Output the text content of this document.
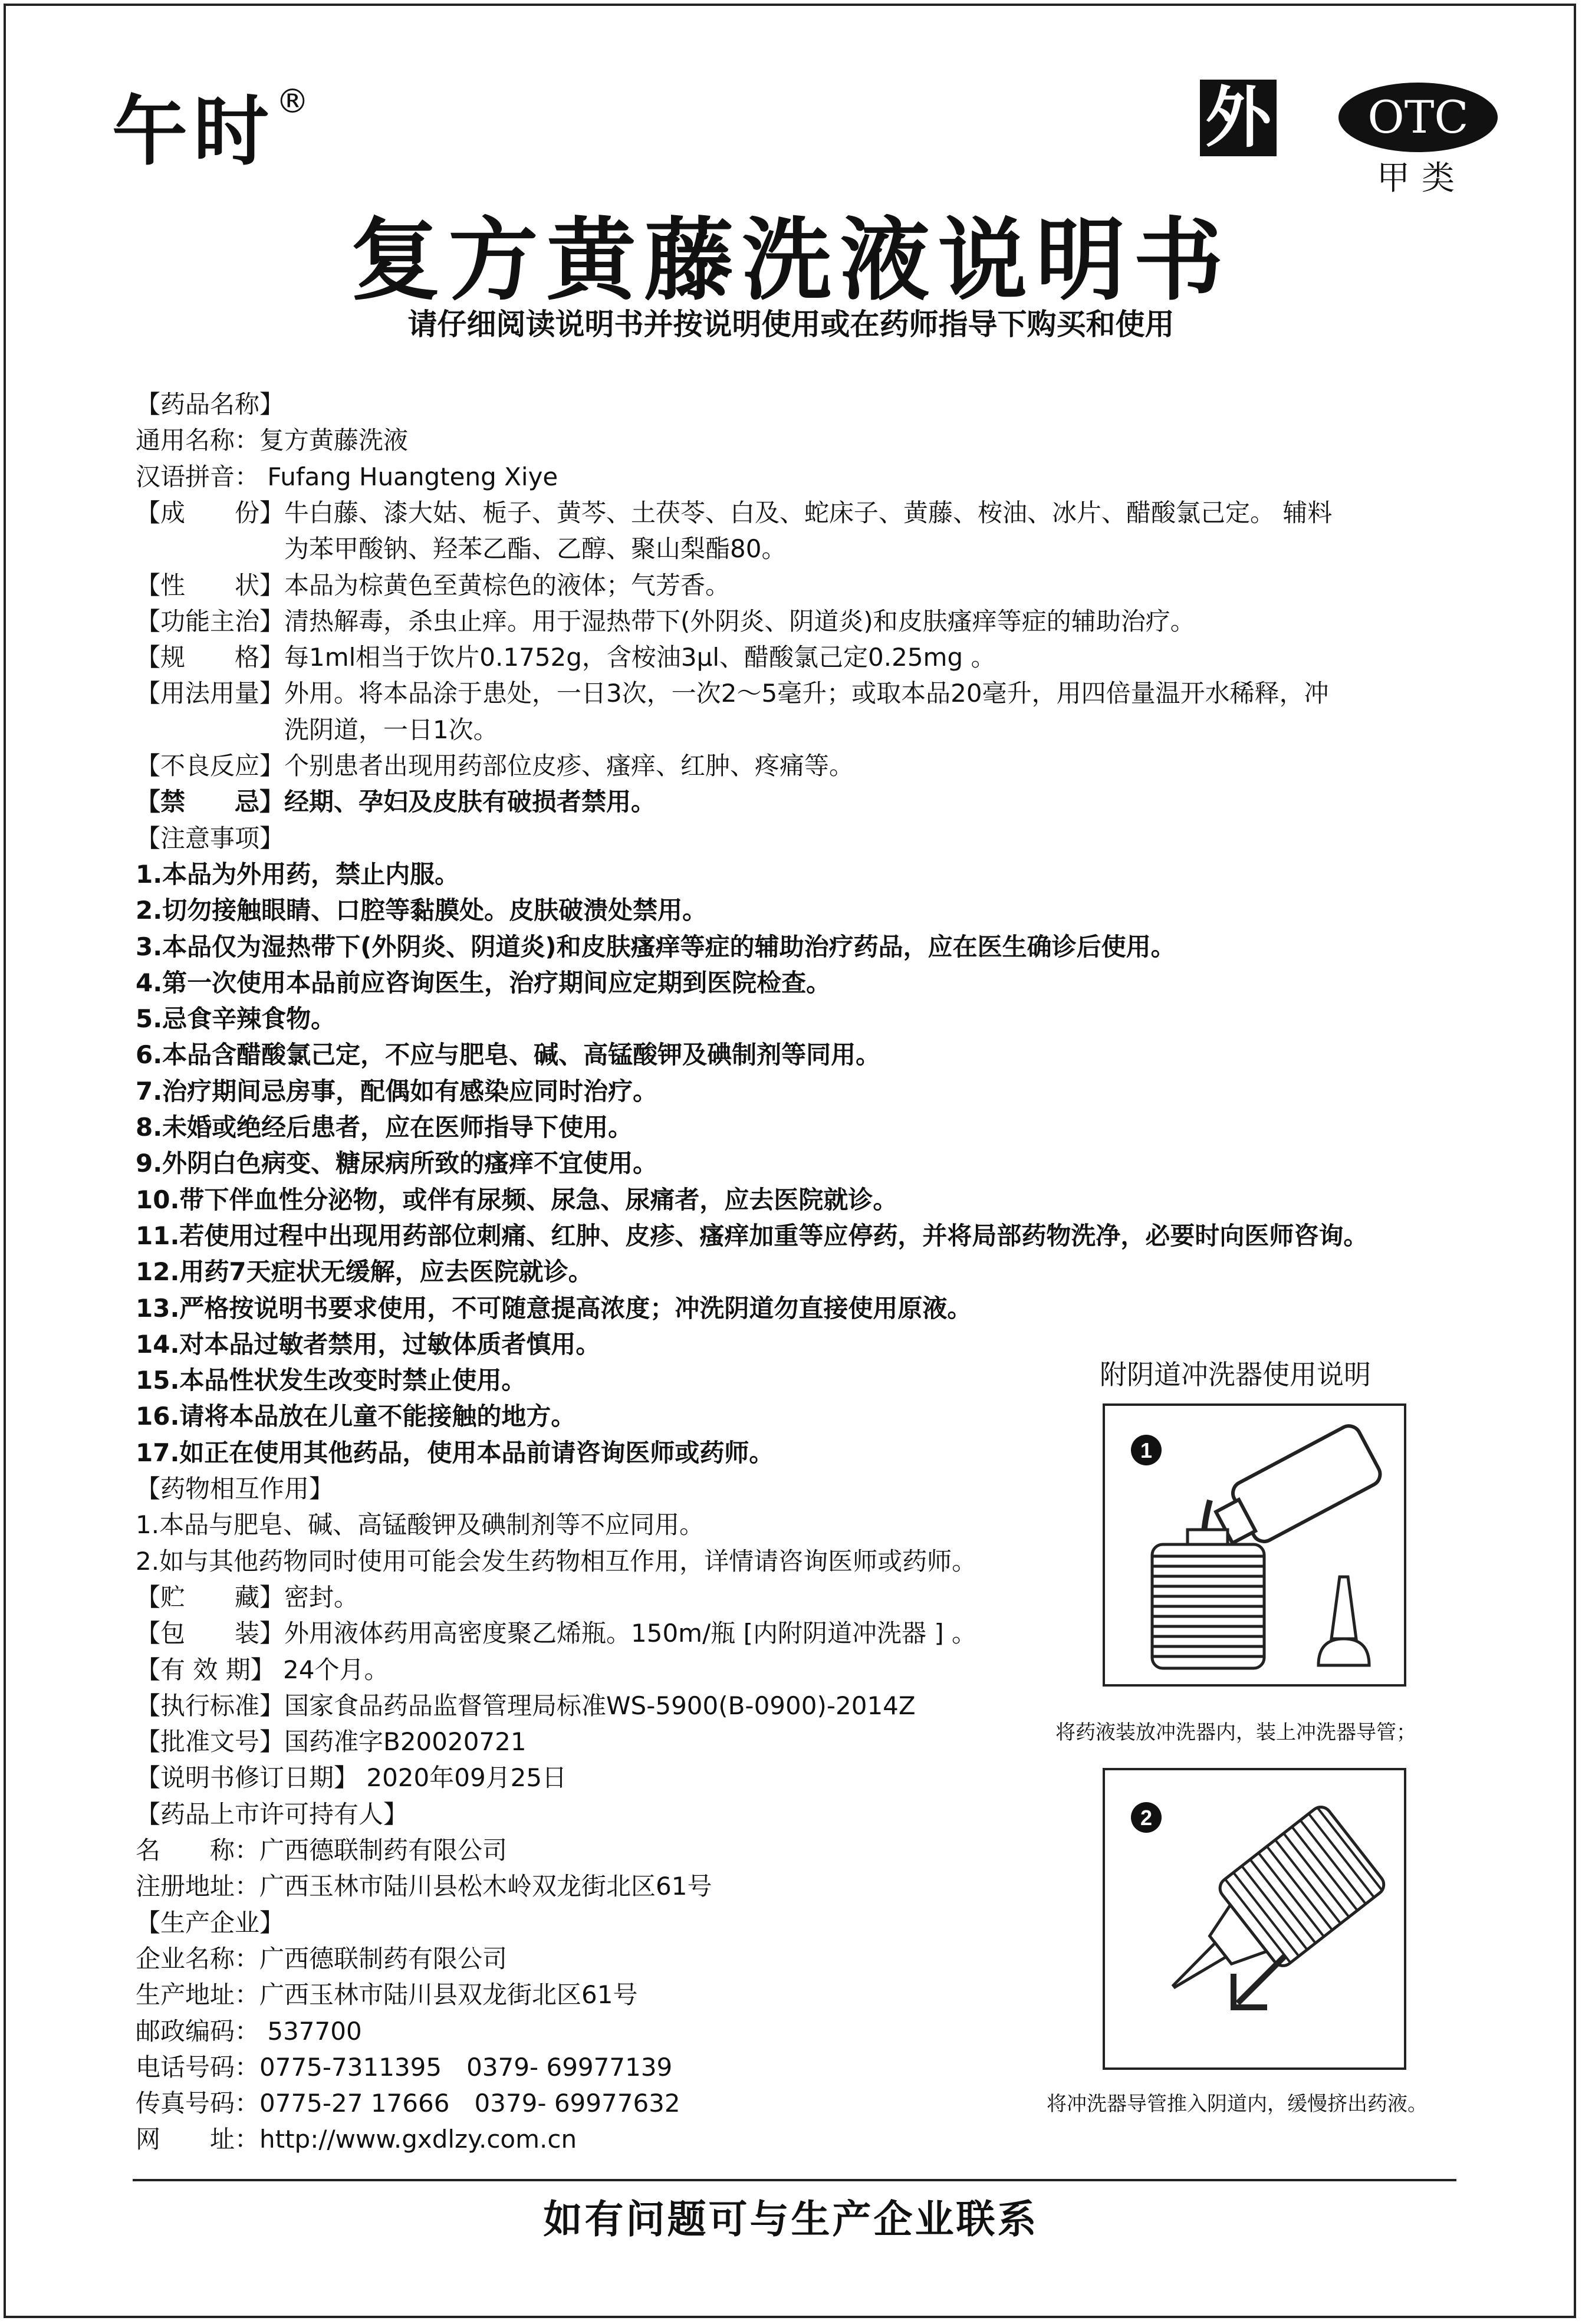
午时 ®	外	OTC
甲类
复方黄藤洗液说明书
请仔细阅读说明书并按说明使用或在药师指导下购买和使用
【药品名称】
通用名称：复方黄藤洗液
汉语拼音： Fufang Huangteng Xiye
【成　　份】牛白藤、漆大姑、栀子、黄芩、土茯苓、白及、蛇床子、黄藤、桉油、冰片、醋酸氯己定。 辅料
　　　　　　为苯甲酸钠、羟苯乙酯、乙醇、聚山梨酯80。
【性　　状】本品为棕黄色至黄棕色的液体；气芳香。
【功能主治】清热解毒，杀虫止痒。用于湿热带下(外阴炎、阴道炎)和皮肤瘙痒等症的辅助治疗。
【规　　格】每1ml相当于饮片0.1752g，含桉油3μl、醋酸氯己定0.25mg 。
【用法用量】外用。将本品涂于患处，一日3次，一次2～5毫升；或取本品20毫升，用四倍量温开水稀释，冲
　　　　　　洗阴道，一日1次。
【不良反应】个别患者出现用药部位皮疹、瘙痒、红肿、疼痛等。
【禁　　忌】经期、孕妇及皮肤有破损者禁用。
【注意事项】
1.本品为外用药，禁止内服。
2.切勿接触眼睛、口腔等黏膜处。皮肤破溃处禁用。
3.本品仅为湿热带下(外阴炎、阴道炎)和皮肤瘙痒等症的辅助治疗药品，应在医生确诊后使用。
4.第一次使用本品前应咨询医生，治疗期间应定期到医院检查。
5.忌食辛辣食物。
6.本品含醋酸氯己定，不应与肥皂、碱、高锰酸钾及碘制剂等同用。
7.治疗期间忌房事，配偶如有感染应同时治疗。
8.未婚或绝经后患者，应在医师指导下使用。
9.外阴白色病变、糖尿病所致的瘙痒不宜使用。
10.带下伴血性分泌物，或伴有尿频、尿急、尿痛者，应去医院就诊。
11.若使用过程中出现用药部位刺痛、红肿、皮疹、瘙痒加重等应停药，并将局部药物洗净，必要时向医师咨询。
12.用药7天症状无缓解，应去医院就诊。
13.严格按说明书要求使用，不可随意提高浓度；冲洗阴道勿直接使用原液。
14.对本品过敏者禁用，过敏体质者慎用。
15.本品性状发生改变时禁止使用。
16.请将本品放在儿童不能接触的地方。
17.如正在使用其他药品，使用本品前请咨询医师或药师。
【药物相互作用】
1.本品与肥皂、碱、高锰酸钾及碘制剂等不应同用。
2.如与其他药物同时使用可能会发生药物相互作用，详情请咨询医师或药师。
【贮　　藏】密封。
【包　　装】外用液体药用高密度聚乙烯瓶。150m/瓶 [内附阴道冲洗器 ] 。
【有 效 期】 24个月。
【执行标准】国家食品药品监督管理局标准WS-5900(B-0900)-2014Z
【批准文号】国药准字B20020721
【说明书修订日期】 2020年09月25日
【药品上市许可持有人】
名　　称：广西德联制药有限公司
注册地址：广西玉林市陆川县松木岭双龙街北区61号
【生产企业】
企业名称：广西德联制药有限公司
生产地址：广西玉林市陆川县双龙街北区61号
邮政编码： 537700
电话号码：0775-7311395　0379- 69977139
传真号码：0775-27 17666　0379- 69977632
网　　址：http://www.gxdlzy.com.cn
附阴道冲洗器使用说明
1
将药液装放冲洗器内，装上冲洗器导管；
2
将冲洗器导管推入阴道内，缓慢挤出药液。
如有问题可与生产企业联系
